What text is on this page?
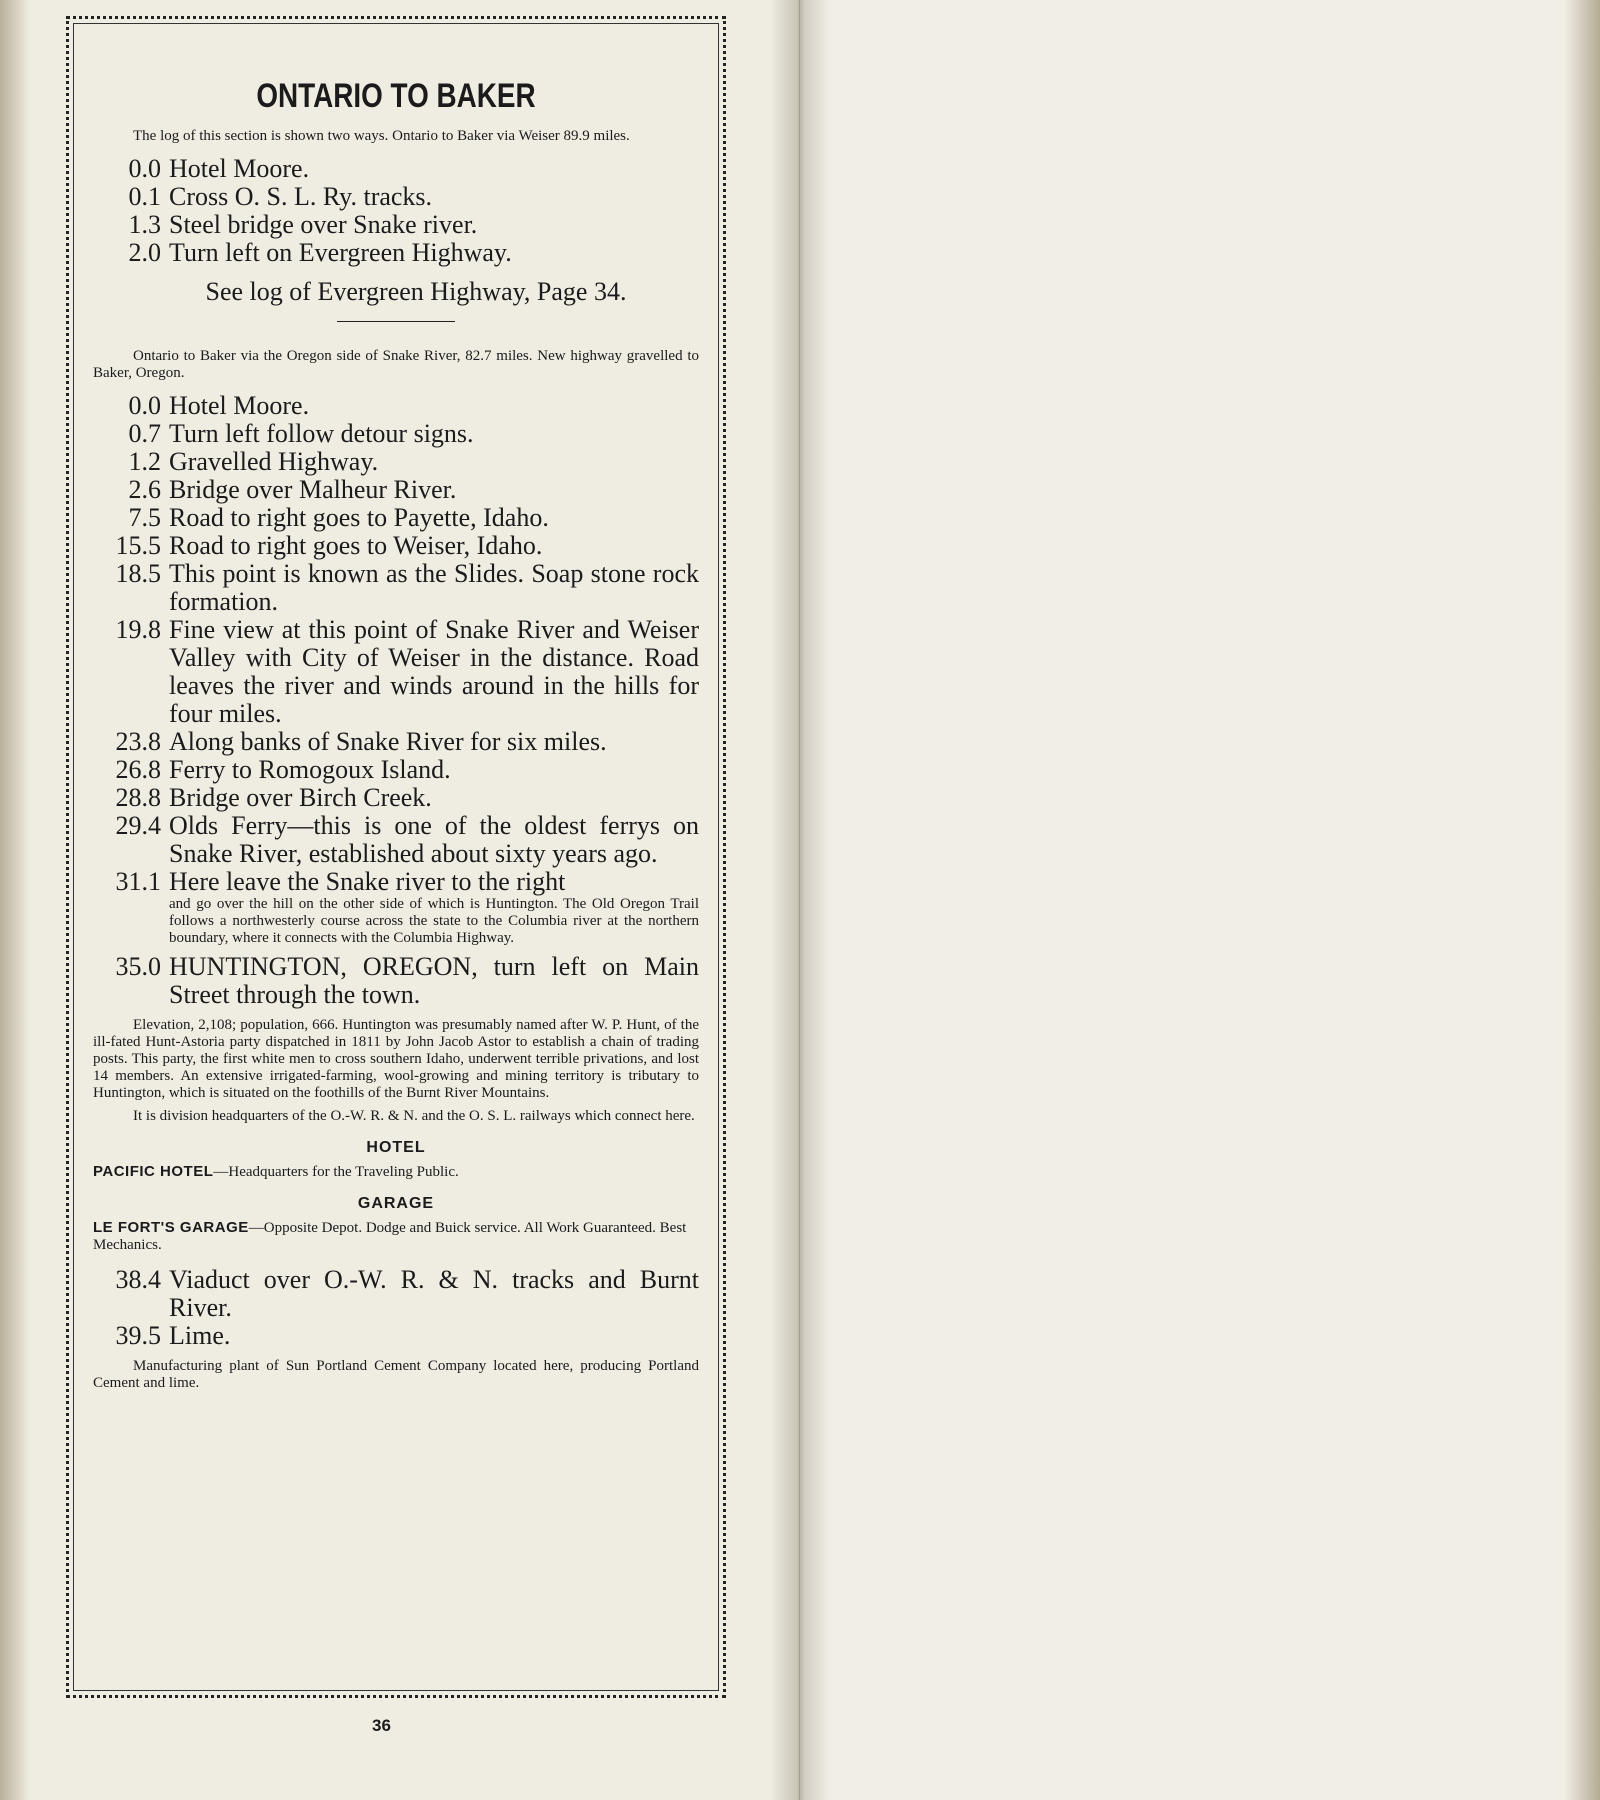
ONTARIO TO BAKER
The log of this section is shown two ways. Ontario to Baker via Weiser 89.9 miles.
0.0 Hotel Moore.
0.1 Cross O. S. L. Ry. tracks.
1.3 Steel bridge over Snake river.
2.0 Turn left on Evergreen Highway.
See log of Evergreen Highway, Page 34.
Ontario to Baker via the Oregon side of Snake River, 82.7 miles. New highway gravelled to Baker, Oregon.
0.0 Hotel Moore.
0.7 Turn left follow detour signs.
1.2 Gravelled Highway.
2.6 Bridge over Malheur River.
7.5 Road to right goes to Payette, Idaho.
15.5 Road to right goes to Weiser, Idaho.
18.5 This point is known as the Slides. Soap stone rock formation.
19.8 Fine view at this point of Snake River and Weiser Valley with City of Weiser in the distance. Road leaves the river and winds around in the hills for four miles.
23.8 Along banks of Snake River for six miles.
26.8 Ferry to Romogoux Island.
28.8 Bridge over Birch Creek.
29.4 Olds Ferry—this is one of the oldest ferrys on Snake River, established about sixty years ago.
31.1 Here leave the Snake river to the right
and go over the hill on the other side of which is Huntington. The Old Oregon Trail follows a northwesterly course across the state to the Columbia river at the northern boundary, where it connects with the Columbia Highway.
35.0 HUNTINGTON, OREGON, turn left on Main Street through the town.
Elevation, 2,108; population, 666. Huntington was presumably named after W. P. Hunt, of the ill-fated Hunt-Astoria party dispatched in 1811 by John Jacob Astor to establish a chain of trading posts. This party, the first white men to cross southern Idaho, underwent terrible privations, and lost 14 members. An extensive irrigated-farming, wool-growing and mining territory is tributary to Huntington, which is situated on the foothills of the Burnt River Mountains.
It is division headquarters of the O.-W. R. & N. and the O. S. L. railways which connect here.
HOTEL
PACIFIC HOTEL—Headquarters for the Traveling Public.
GARAGE
LE FORT'S GARAGE—Opposite Depot. Dodge and Buick service. All Work Guaranteed. Best Mechanics.
38.4 Viaduct over O.-W. R. & N. tracks and Burnt River.
39.5 Lime.
Manufacturing plant of Sun Portland Cement Company located here, producing Portland Cement and lime.
36
